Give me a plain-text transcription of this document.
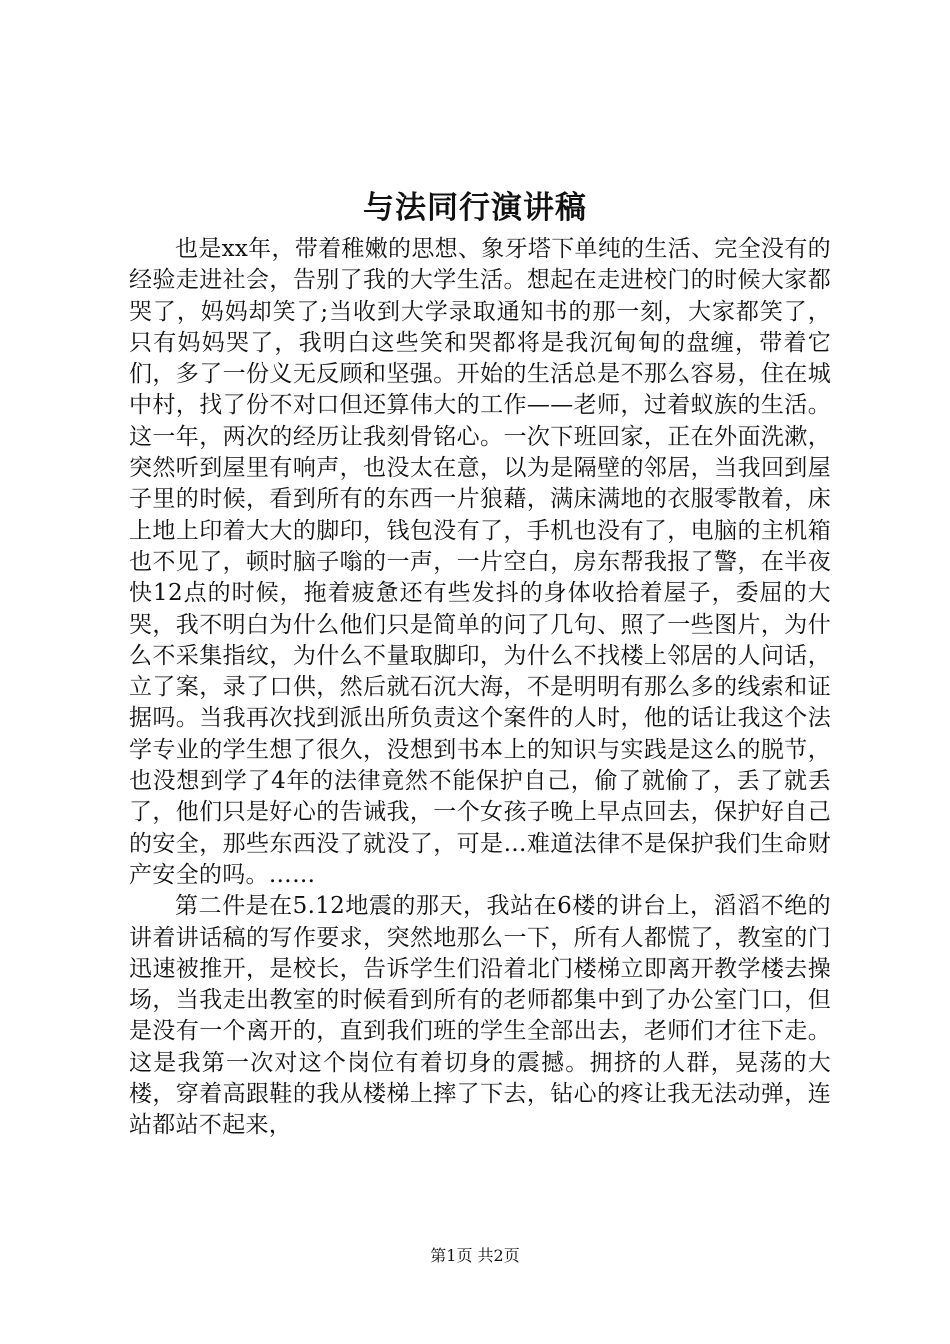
与法同行演讲稿

也是xx年，带着稚嫩的思想、象牙塔下单纯的生活、完全没有的经验走进社会，告别了我的大学生活。想起在走进校门的时候大家都哭了，妈妈却笑了;当收到大学录取通知书的那一刻，大家都笑了，只有妈妈哭了，我明白这些笑和哭都将是我沉甸甸的盘缠，带着它们，多了一份义无反顾和坚强。开始的生活总是不那么容易，住在城中村，找了份不对口但还算伟大的工作——老师，过着蚁族的生活。这一年，两次的经历让我刻骨铭心。一次下班回家，正在外面洗漱，突然听到屋里有响声，也没太在意，以为是隔壁的邻居，当我回到屋子里的时候，看到所有的东西一片狼藉，满床满地的衣服零散着，床上地上印着大大的脚印，钱包没有了，手机也没有了，电脑的主机箱也不见了，顿时脑子嗡的一声，一片空白，房东帮我报了警，在半夜快12点的时候，拖着疲惫还有些发抖的身体收拾着屋子，委屈的大哭，我不明白为什么他们只是简单的问了几句、照了一些图片，为什么不采集指纹，为什么不量取脚印，为什么不找楼上邻居的人问话，立了案，录了口供，然后就石沉大海，不是明明有那么多的线索和证据吗。当我再次找到派出所负责这个案件的人时，他的话让我这个法学专业的学生想了很久，没想到书本上的知识与实践是这么的脱节，也没想到学了4年的法律竟然不能保护自己，偷了就偷了，丢了就丢了，他们只是好心的告诫我，一个女孩子晚上早点回去，保护好自己的安全，那些东西没了就没了，可是…难道法律不是保护我们生命财产安全的吗。……

第二件是在5.12地震的那天，我站在6楼的讲台上，滔滔不绝的讲着讲话稿的写作要求，突然地那么一下，所有人都慌了，教室的门迅速被推开，是校长，告诉学生们沿着北门楼梯立即离开教学楼去操场，当我走出教室的时候看到所有的老师都集中到了办公室门口，但是没有一个离开的，直到我们班的学生全部出去，老师们才往下走。这是我第一次对这个岗位有着切身的震撼。拥挤的人群，晃荡的大楼，穿着高跟鞋的我从楼梯上摔了下去，钻心的疼让我无法动弹，连站都站不起来，

第1页 共2页
